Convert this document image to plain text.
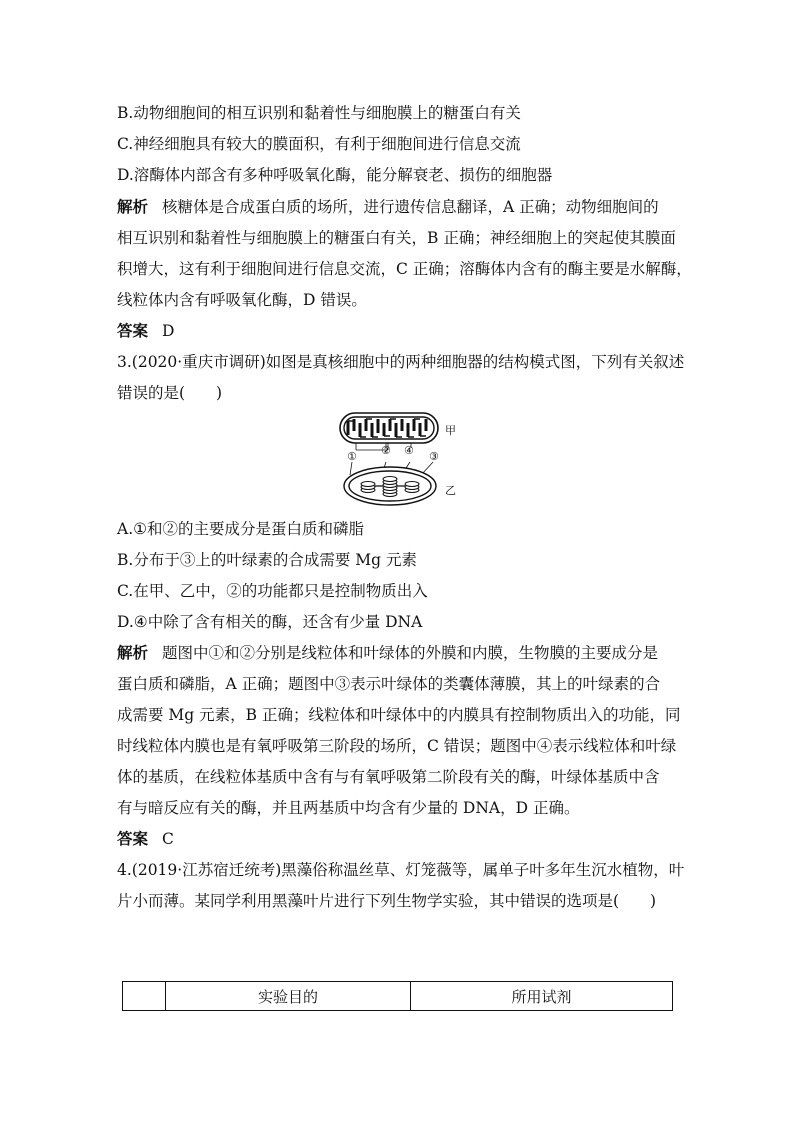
B.动物细胞间的相互识别和黏着性与细胞膜上的糖蛋白有关
C.神经细胞具有较大的膜面积，有利于细胞间进行信息交流
D.溶酶体内部含有多种呼吸氧化酶，能分解衰老、损伤的细胞器
解析 核糖体是合成蛋白质的场所，进行遗传信息翻译，A 正确；动物细胞间的
相互识别和黏着性与细胞膜上的糖蛋白有关，B 正确；神经细胞上的突起使其膜面
积增大，这有利于细胞间进行信息交流，C 正确；溶酶体内含有的酶主要是水解酶，
线粒体内含有呼吸氧化酶，D 错误。
答案 D
3.(2020·重庆市调研)如图是真核细胞中的两种细胞器的结构模式图，下列有关叙述
错误的是(　　)
甲
① ② ④ ③
乙
A.①和②的主要成分是蛋白质和磷脂
B.分布于③上的叶绿素的合成需要 Mg 元素
C.在甲、乙中，②的功能都只是控制物质出入
D.④中除了含有相关的酶，还含有少量 DNA
解析 题图中①和②分别是线粒体和叶绿体的外膜和内膜，生物膜的主要成分是
蛋白质和磷脂，A 正确；题图中③表示叶绿体的类囊体薄膜，其上的叶绿素的合
成需要 Mg 元素，B 正确；线粒体和叶绿体中的内膜具有控制物质出入的功能，同
时线粒体内膜也是有氧呼吸第三阶段的场所，C 错误；题图中④表示线粒体和叶绿
体的基质，在线粒体基质中含有与有氧呼吸第二阶段有关的酶，叶绿体基质中含
有与暗反应有关的酶，并且两基质中均含有少量的 DNA，D 正确。
答案 C
4.(2019·江苏宿迁统考)黑藻俗称温丝草、灯笼薇等，属单子叶多年生沉水植物，叶
片小而薄。某同学利用黑藻叶片进行下列生物学实验，其中错误的选项是(　　)
	实验目的	所用试剂
